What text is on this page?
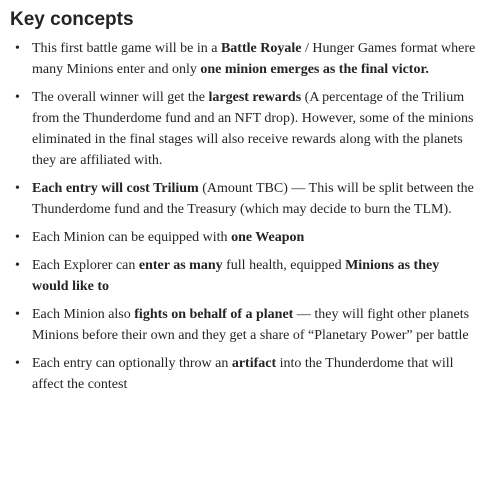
Key concepts
• This first battle game will be in a Battle Royale / Hunger Games format where many Minions enter and only one minion emerges as the final victor.
• The overall winner will get the largest rewards (A percentage of the Trilium from the Thunderdome fund and an NFT drop). However, some of the minions eliminated in the final stages will also receive rewards along with the planets they are affiliated with.
• Each entry will cost Trilium (Amount TBC) — This will be split between the Thunderdome fund and the Treasury (which may decide to burn the TLM).
• Each Minion can be equipped with one Weapon
• Each Explorer can enter as many full health, equipped Minions as they would like to
• Each Minion also fights on behalf of a planet — they will fight other planets Minions before their own and they get a share of “Planetary Power” per battle
• Each entry can optionally throw an artifact into the Thunderdome that will affect the contest
